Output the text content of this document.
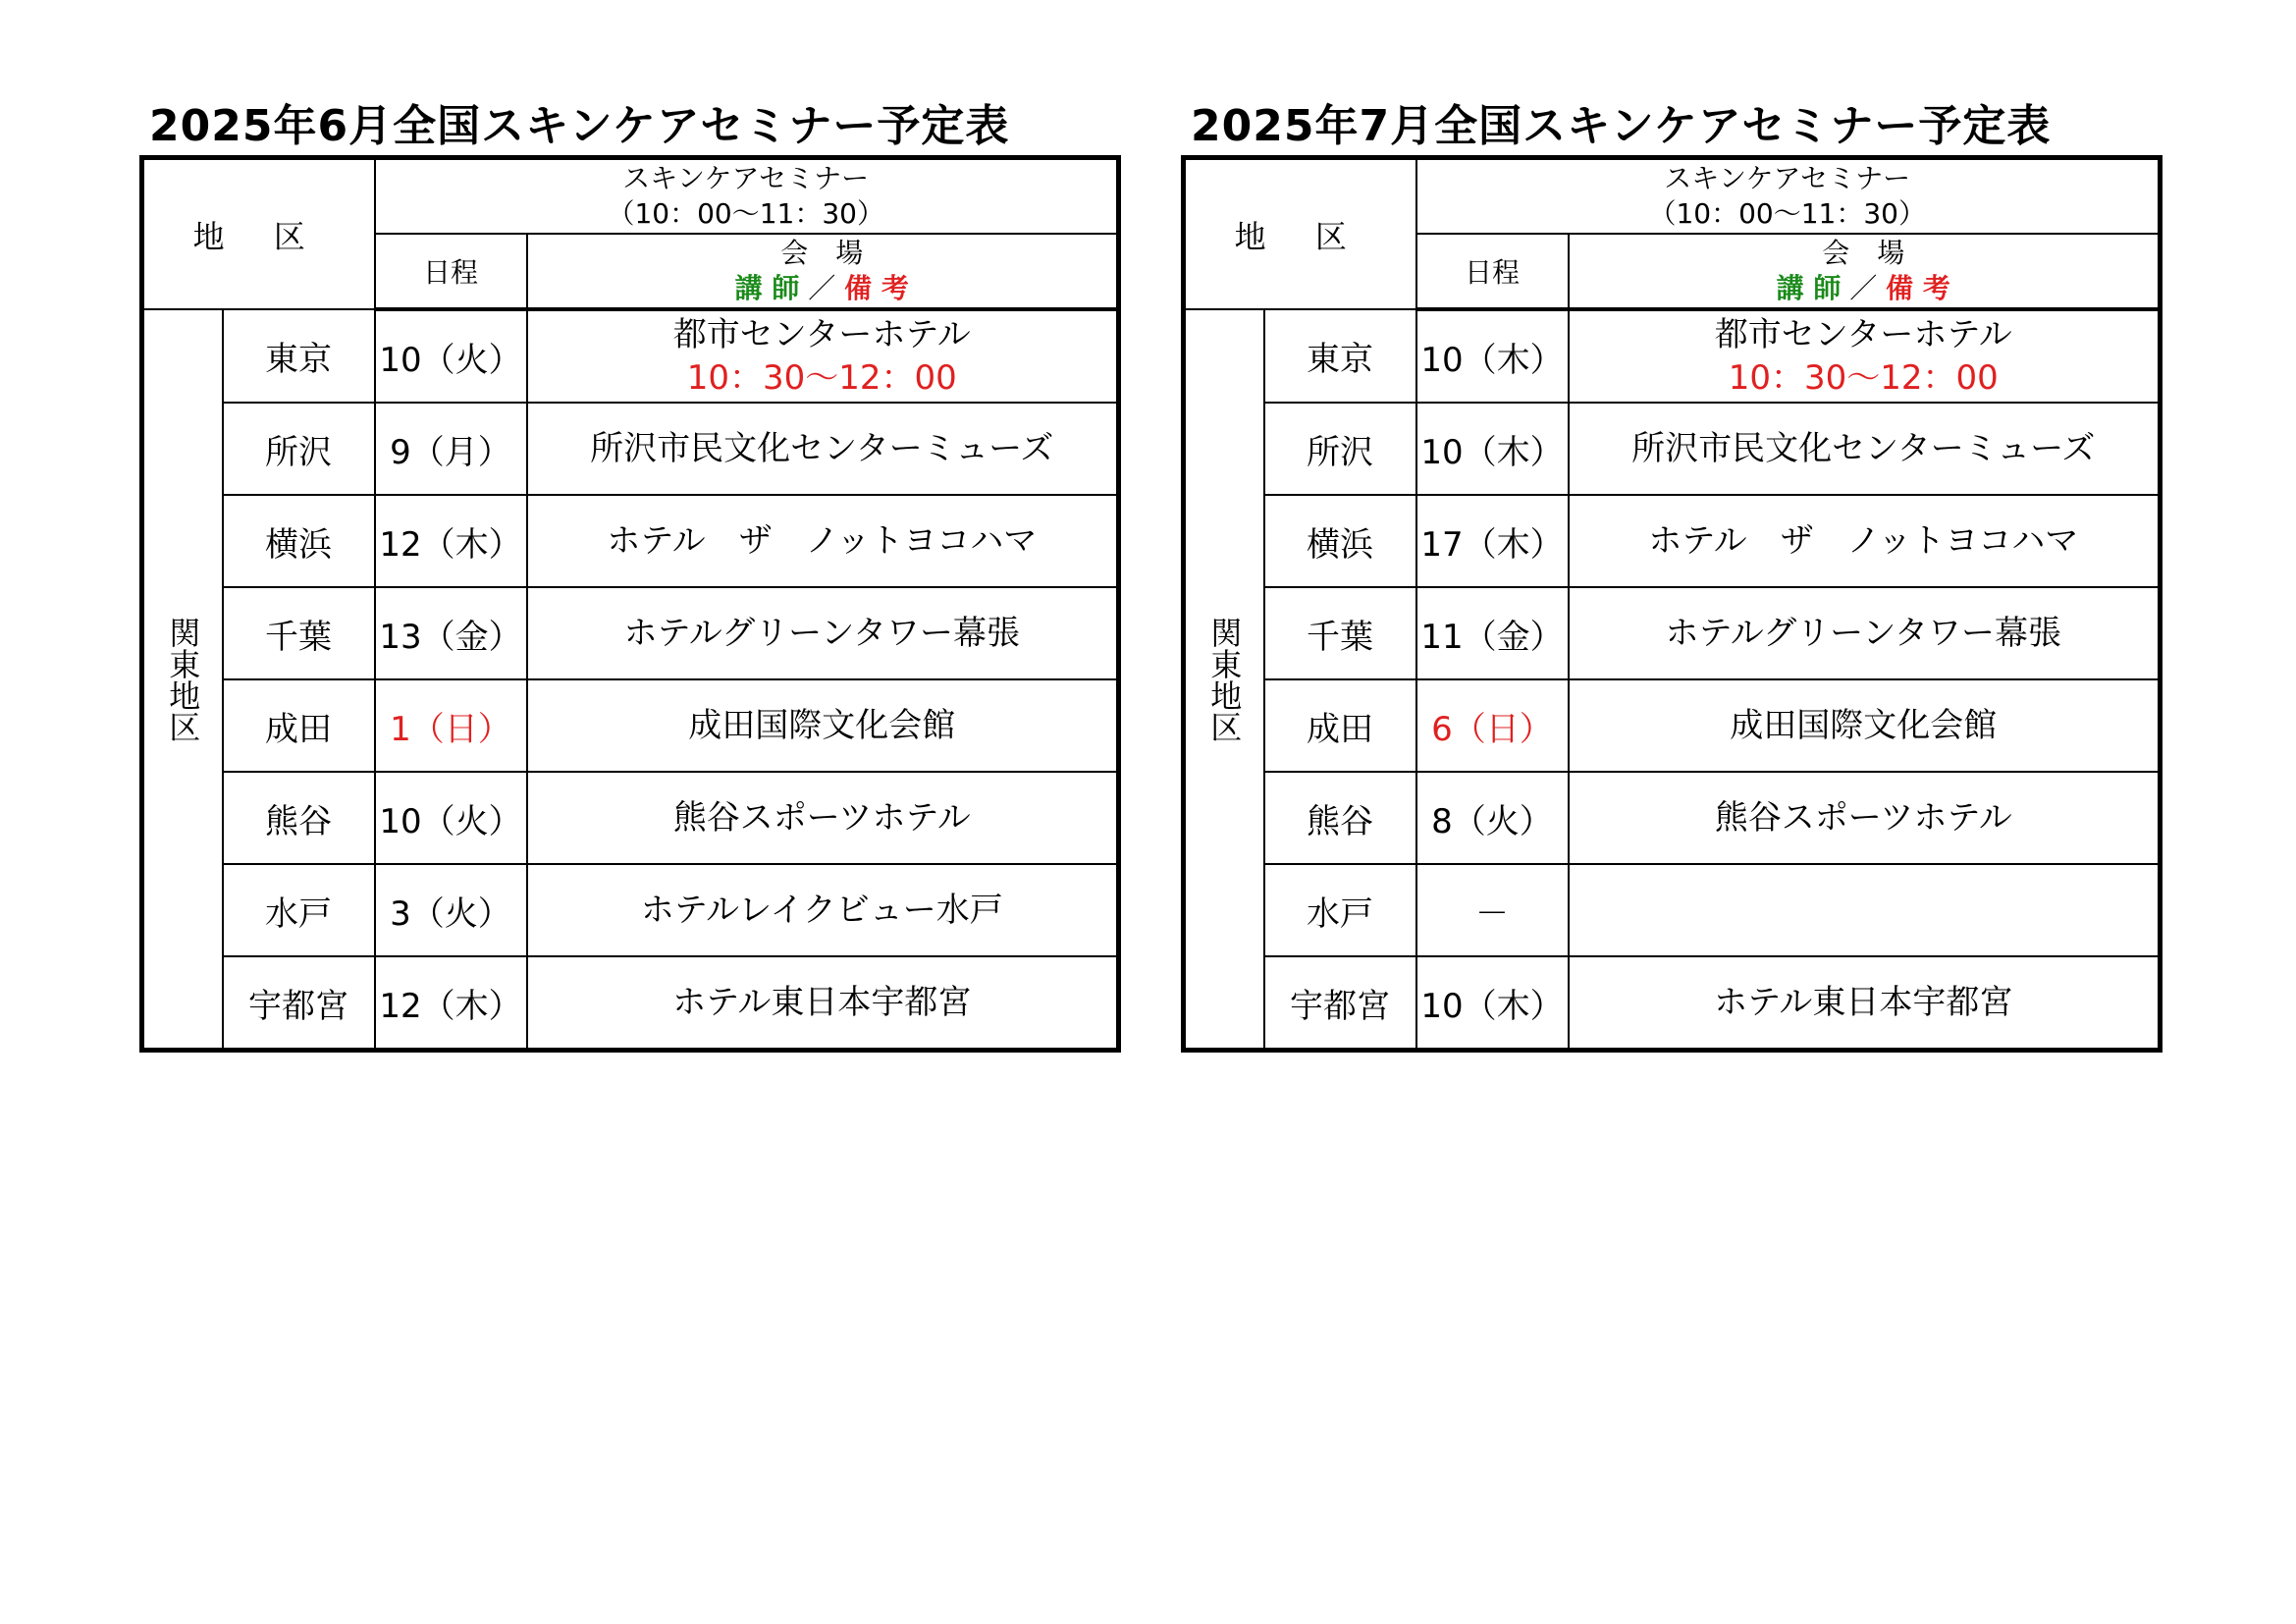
2025年6月全国スキンケアセミナー予定表
地 区		スキンケアセミナー
（10：00～11：30）	

		日程	会　場
講 師 ／ 備 考

関東地区	東京	10（火）	都市センターホテル
10：30～12：00

	所沢	9（月）	所沢市民文化センターミューズ

	横浜	12（木）	ホテル　ザ　ノットヨコハマ

	千葉	13（金）	ホテルグリーンタワー幕張

	成田	1（日）	成田国際文化会館

	熊谷	10（火）	熊谷スポーツホテル

	水戸	3（火）	ホテルレイクビュー水戸

	宇都宮	12（木）	ホテル東日本宇都宮
2025年7月全国スキンケアセミナー予定表
地 区		スキンケアセミナー
（10：00～11：30）	

		日程	会　場
講 師 ／ 備 考

関東地区	東京	10（木）	都市センターホテル
10：30～12：00

	所沢	10（木）	所沢市民文化センターミューズ

	横浜	17（木）	ホテル　ザ　ノットヨコハマ

	千葉	11（金）	ホテルグリーンタワー幕張

	成田	6（日）	成田国際文化会館

	熊谷	8（火）	熊谷スポーツホテル

	水戸	－	

	宇都宮	10（木）	ホテル東日本宇都宮
